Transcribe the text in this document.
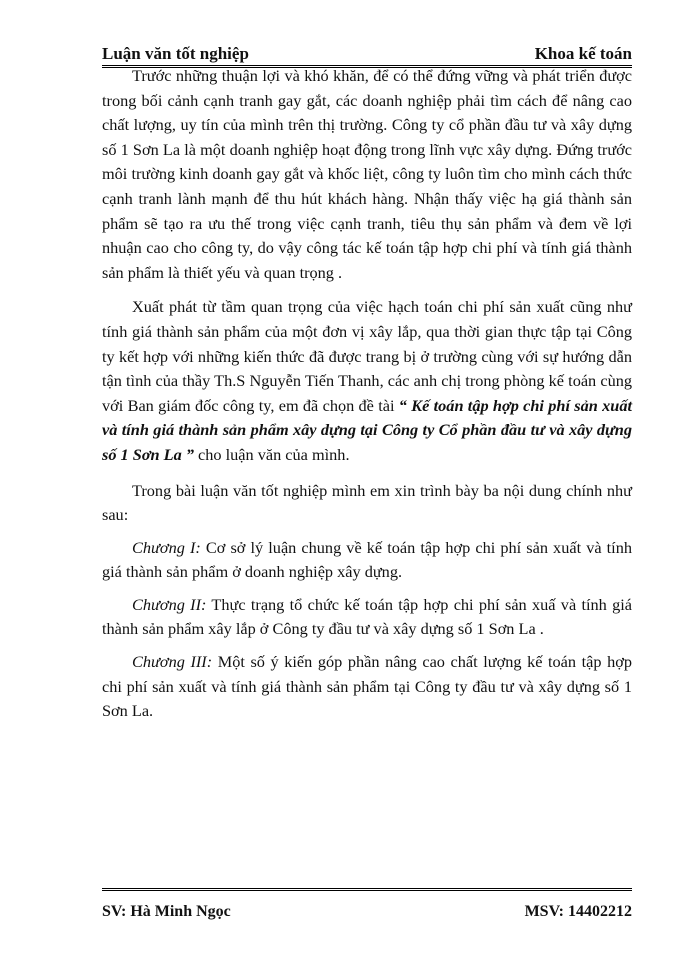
Luận văn tốt nghiệp	Khoa kế toán

Trước những thuận lợi và khó khăn, để có thể đứng vững và phát triển được trong bối cảnh cạnh tranh gay gắt, các doanh nghiệp phải tìm cách để nâng cao chất lượng, uy tín của mình trên thị trường. Công ty cổ phần đầu tư và xây dựng số 1 Sơn La là một doanh nghiệp hoạt động trong lĩnh vực xây dựng. Đứng trước môi trường kinh doanh gay gắt và khốc liệt, công ty luôn tìm cho mình cách thức cạnh tranh lành mạnh để thu hút khách hàng. Nhận thấy việc hạ giá thành sản phẩm sẽ tạo ra ưu thế trong việc cạnh tranh, tiêu thụ sản phẩm và đem về lợi nhuận cao cho công ty, do vậy công tác kế toán tập hợp chi phí và tính giá thành sản phẩm là thiết yếu và quan trọng .

Xuất phát từ tầm quan trọng của việc hạch toán chi phí sản xuất cũng như tính giá thành sản phẩm của một đơn vị xây lắp, qua thời gian thực tập tại Công ty kết hợp với những kiến thức đã được trang bị ở trường cùng với sự hướng dẫn tận tình của thầy Th.S Nguyễn Tiến Thanh, các anh chị trong phòng kế toán cùng với Ban giám đốc công ty, em đã chọn đề tài “ Kế toán tập hợp chi phí sản xuất và tính giá thành sản phẩm xây dựng tại Công ty Cổ phần đầu tư và xây dựng số 1 Sơn La ” cho luận văn của mình.

Trong bài luận văn tốt nghiệp mình em xin trình bày ba nội dung chính như sau:

Chương I: Cơ sở lý luận chung về kế toán tập hợp chi phí sản xuất và tính giá thành sản phẩm ở doanh nghiệp xây dựng.

Chương II: Thực trạng tổ chức kế toán tập hợp chi phí sản xuấ và tính giá thành sản phẩm xây lắp ở Công ty đầu tư và xây dựng số 1 Sơn La .

Chương III: Một số ý kiến góp phần nâng cao chất lượng kế toán tập hợp chi phí sản xuất và tính giá thành sản phẩm tại Công ty đầu tư và xây dựng số 1 Sơn La.

SV: Hà Minh Ngọc	MSV: 14402212
